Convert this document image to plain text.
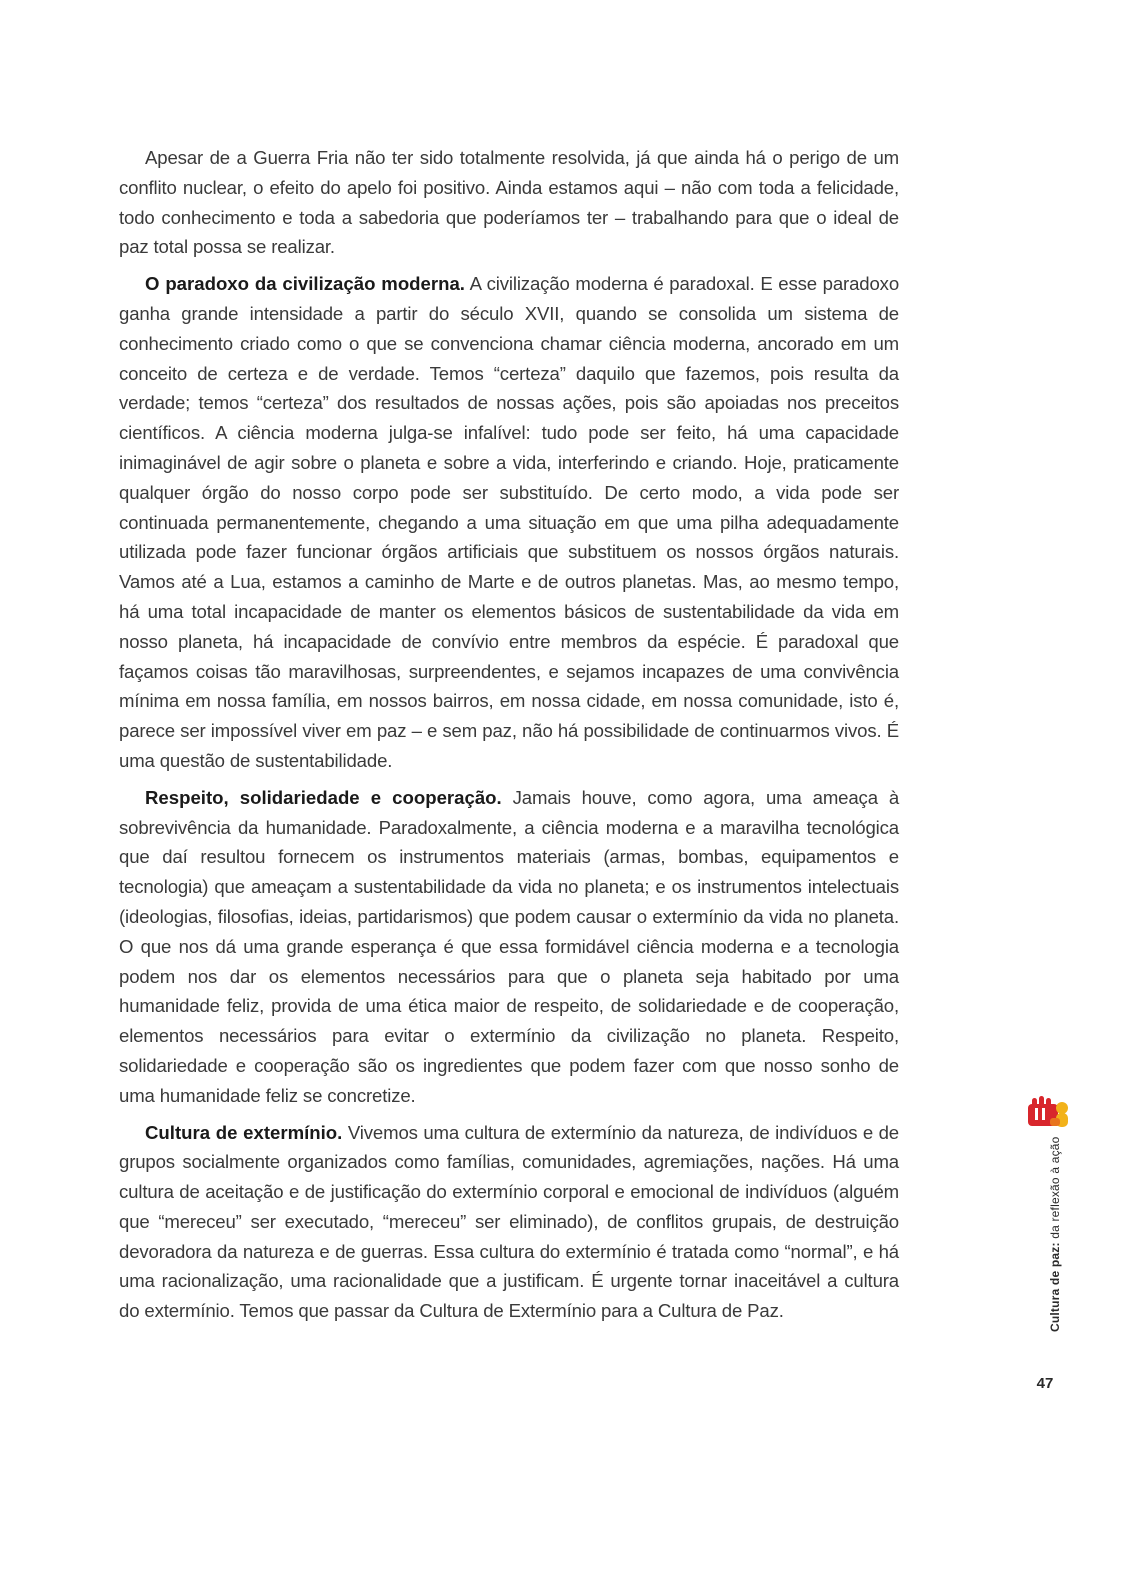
Apesar de a Guerra Fria não ter sido totalmente resolvida, já que ainda há o perigo de um conflito nuclear, o efeito do apelo foi positivo. Ainda estamos aqui – não com toda a felicidade, todo conhecimento e toda a sabedoria que poderíamos ter – trabalhando para que o ideal de paz total possa se realizar.

O paradoxo da civilização moderna. A civilização moderna é paradoxal. E esse paradoxo ganha grande intensidade a partir do século XVII, quando se consolida um sistema de conhecimento criado como o que se convenciona chamar ciência moderna, ancorado em um conceito de certeza e de verdade. Temos “certeza” daquilo que fazemos, pois resulta da verdade; temos “certeza” dos resultados de nossas ações, pois são apoiadas nos preceitos científicos. A ciência moderna julga-se infalível: tudo pode ser feito, há uma capacidade inimaginável de agir sobre o planeta e sobre a vida, interferindo e criando. Hoje, praticamente qualquer órgão do nosso corpo pode ser substituído. De certo modo, a vida pode ser continuada permanentemente, chegando a uma situação em que uma pilha adequadamente utilizada pode fazer funcionar órgãos artificiais que substituem os nossos órgãos naturais. Vamos até a Lua, estamos a caminho de Marte e de outros planetas. Mas, ao mesmo tempo, há uma total incapacidade de manter os elementos básicos de sustentabilidade da vida em nosso planeta, há incapacidade de convívio entre membros da espécie. É paradoxal que façamos coisas tão maravilhosas, surpreendentes, e sejamos incapazes de uma convivência mínima em nossa família, em nossos bairros, em nossa cidade, em nossa comunidade, isto é, parece ser impossível viver em paz – e sem paz, não há possibilidade de continuarmos vivos. É uma questão de sustentabilidade.

Respeito, solidariedade e cooperação. Jamais houve, como agora, uma ameaça à sobrevivência da humanidade. Paradoxalmente, a ciência moderna e a maravilha tecnológica que daí resultou fornecem os instrumentos materiais (armas, bombas, equipamentos e tecnologia) que ameaçam a sustentabilidade da vida no planeta; e os instrumentos intelectuais (ideologias, filosofias, ideias, partidarismos) que podem causar o extermínio da vida no planeta. O que nos dá uma grande esperança é que essa formidável ciência moderna e a tecnologia podem nos dar os elementos necessários para que o planeta seja habitado por uma humanidade feliz, provida de uma ética maior de respeito, de solidariedade e de cooperação, elementos necessários para evitar o extermínio da civilização no planeta. Respeito, solidariedade e cooperação são os ingredientes que podem fazer com que nosso sonho de uma humanidade feliz se concretize.

Cultura de extermínio. Vivemos uma cultura de extermínio da natureza, de indivíduos e de grupos socialmente organizados como famílias, comunidades, agremiações, nações. Há uma cultura de aceitação e de justificação do extermínio corporal e emocional de indivíduos (alguém que “mereceu” ser executado, “mereceu” ser eliminado), de conflitos grupais, de destruição devoradora da natureza e de guerras. Essa cultura do extermínio é tratada como “normal”, e há uma racionalização, uma racionalidade que a justificam. É urgente tornar inaceitável a cultura do extermínio. Temos que passar da Cultura de Extermínio para a Cultura de Paz.	Cultura de paz: da reflexão à ação
47
